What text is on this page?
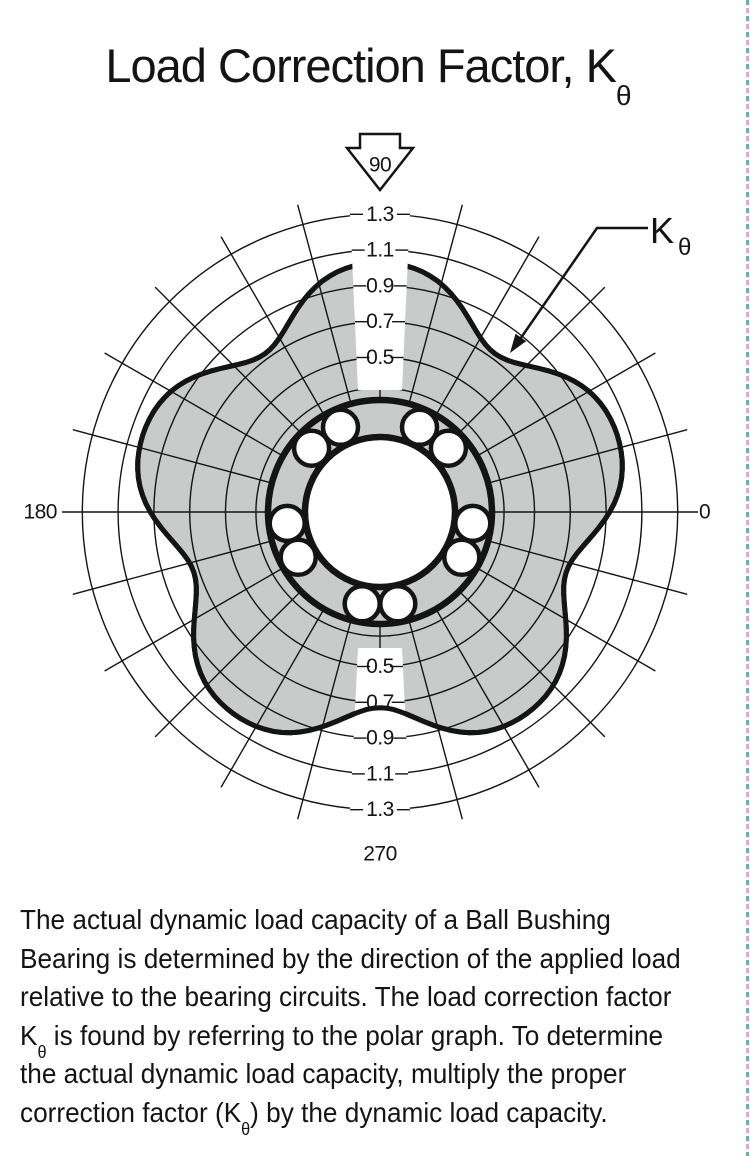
Load Correction Factor, $K_\theta$
0.5
0.5
0.7
0.7
0.9
0.9
1.1
1.1
1.3
1.3
90
180	0
270
K θ
The actual dynamic load capacity of a Ball Bushing
Bearing is determined by the direction of the applied load
relative to the bearing circuits. The load correction factor
$K_\theta$ is found by referring to the polar graph. To determine
the actual dynamic load capacity, multiply the proper
correction factor $(K_\theta)$ by the dynamic load capacity.
